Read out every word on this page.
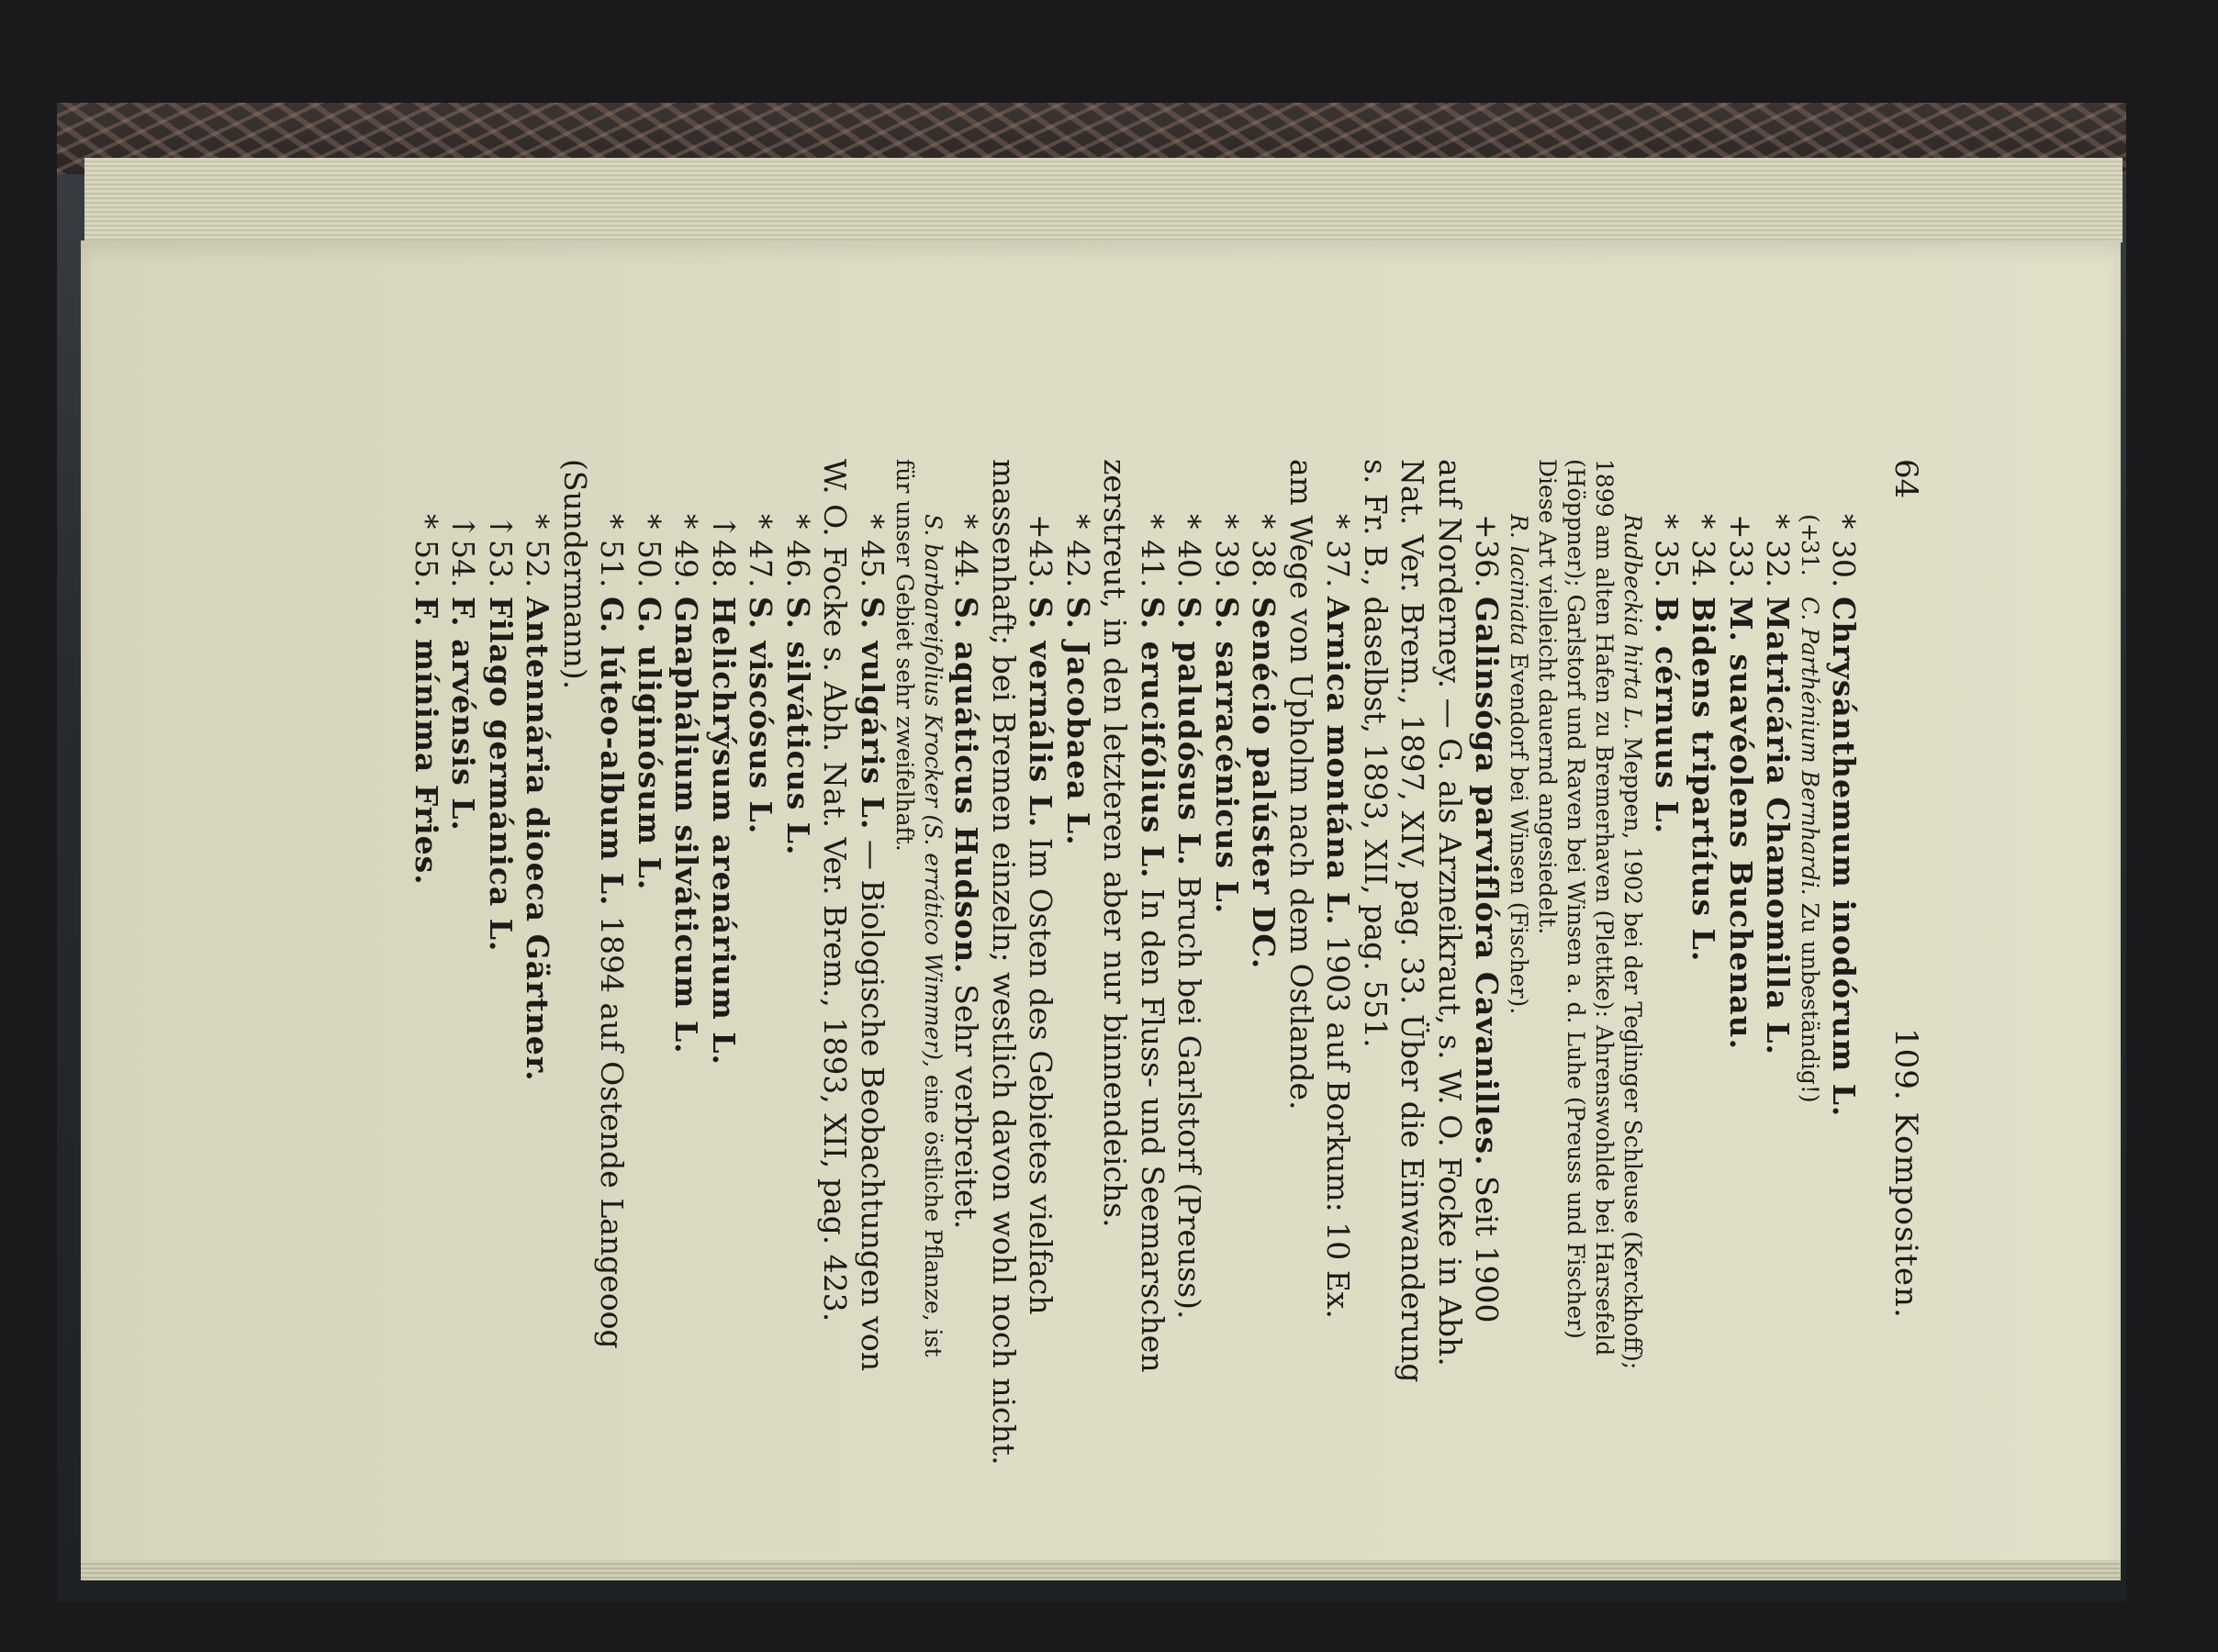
64
109. Kompositen.
*30.Chrysánthemum inodórum L.
(+31.C. Parthénium Bernhardi. Zu unbeständig!)
*32.Matricária Chamomilla L.
+33.M. suavéolens Buchenau.
*34.Bidens tripartítus L.
*35.B. cérnuus L.
Rudbeckia hirta L. Meppen, 1902 bei der Teglinger Schleuse (Kerckhoff);
1899 am alten Hafen zu Bremerhaven (Plettke): Ahrenswohlde bei Harsefeld
(Höppner); Garlstorf und Raven bei Winsen a. d. Luhe (Preuss und Fischer)
Diese Art vielleicht dauernd angesiedelt.
R. laciniata Evendorf bei Winsen (Fischer).
+36.Galinsóga parviflóra Cavanilles. Seit 1900
auf Norderney. — G. als Arzneikraut, s. W. O. Focke in Abh.
Nat. Ver. Brem., 1897, XIV, pag. 33. Über die Einwanderung
s. Fr. B., daselbst, 1893, XII, pag. 551.
*37.Arnica montána L. 1903 auf Borkum: 10 Ex.
am Wege von Upholm nach dem Ostlande.
*38.Senécio palúster DC.
*39.S. sarracénicus L.
*40.S. paludósus L. Bruch bei Garlstorf (Preuss).
*41.S. erucifólius L. In den Fluss- und Seemarschen
zerstreut, in den letzteren aber nur binnendeichs.
*42.S. Jacobaea L.
+43.S. vernális L. Im Osten des Gebietes vielfach
massenhaft; bei Bremen einzeln; westlich davon wohl noch nicht.
*44.S. aquáticus Hudson. Sehr verbreitet.
S. barbareifolius Krocker (S. errático Wimmer), eine östliche Pflanze, ist
für unser Gebiet sehr zweifelhaft.
*45.S. vulgáris L. — Biologische Beobachtungen von
W. O. Focke s. Abh. Nat. Ver. Brem., 1893, XII, pag. 423.
*46.S. silváticus L.
*47.S. viscósus L.
↑48.Helichrýsum arenárium L.
*49.Gnaphálium silváticum L.
*50.G. uliginósum L.
*51.G. lúteo-album L. 1894 auf Ostende Langeoog
(Sundermann).
*52.Antennária dioeca Gärtner.
↑53.Filago germánica L.
↑54.F. arvénsis L.
*55.F. mínima Fries.
